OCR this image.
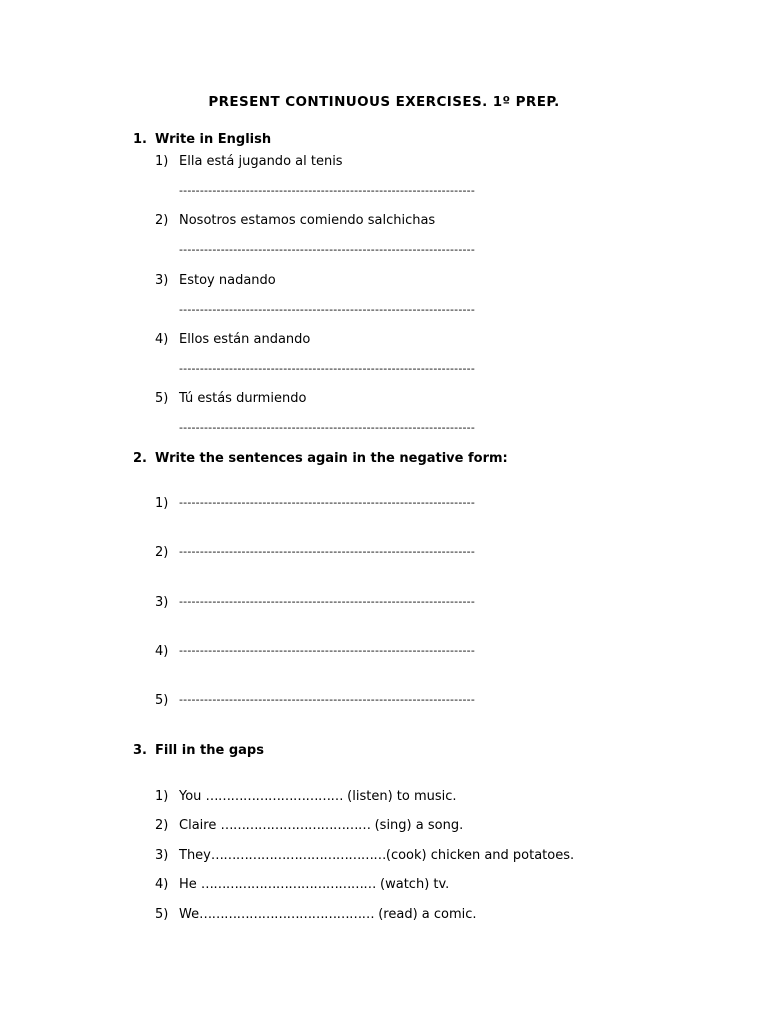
PRESENT CONTINUOUS EXERCISES. 1º PREP.
1. Write in English
1) Ella está jugando al tenis
-----------------------------------------------------------------------
2) Nosotros estamos comiendo salchichas
-----------------------------------------------------------------------
3) Estoy nadando
-----------------------------------------------------------------------
4) Ellos están andando
-----------------------------------------------------------------------
5) Tú estás durmiendo
-----------------------------------------------------------------------
2. Write the sentences again in the negative form:
1) -----------------------------------------------------------------------
2) -----------------------------------------------------------------------
3) -----------------------------------------------------------------------
4) -----------------------------------------------------------------------
5) -----------------------------------------------------------------------
3. Fill in the gaps
1) You …………………………… (listen) to music.
2) Claire ……………………………… (sing) a song.
3) They……………………………………(cook) chicken and potatoes.
4) He …………………………………… (watch) tv.
5) We…………………………………… (read) a comic.
